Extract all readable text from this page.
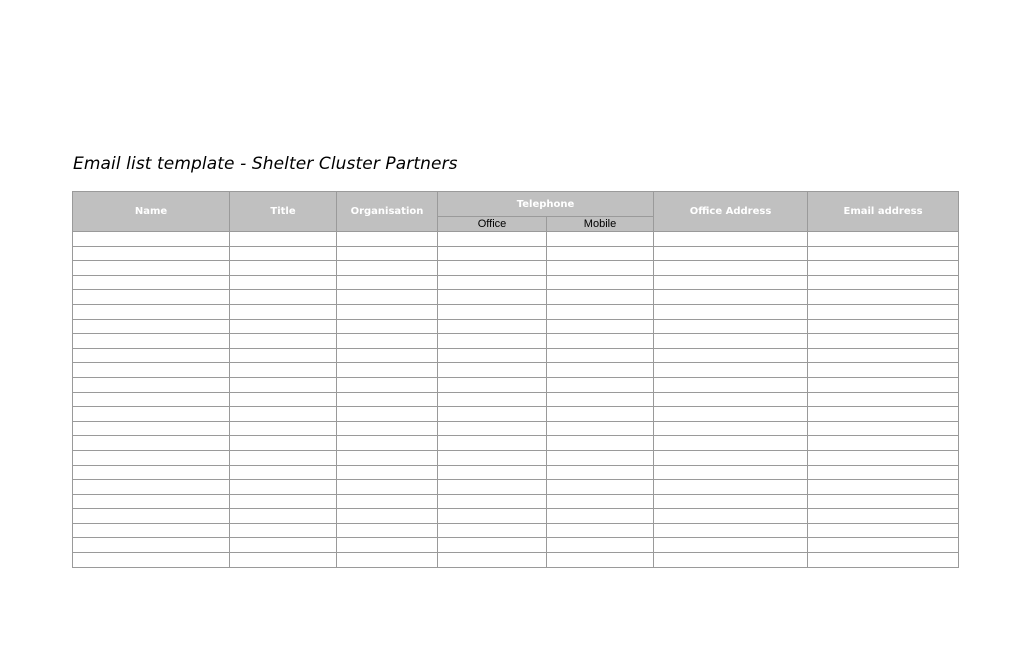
Email list template - Shelter Cluster Partners
Name	Title	Organisation	Telephone		Office Address	Email address
			Office	Mobile		
